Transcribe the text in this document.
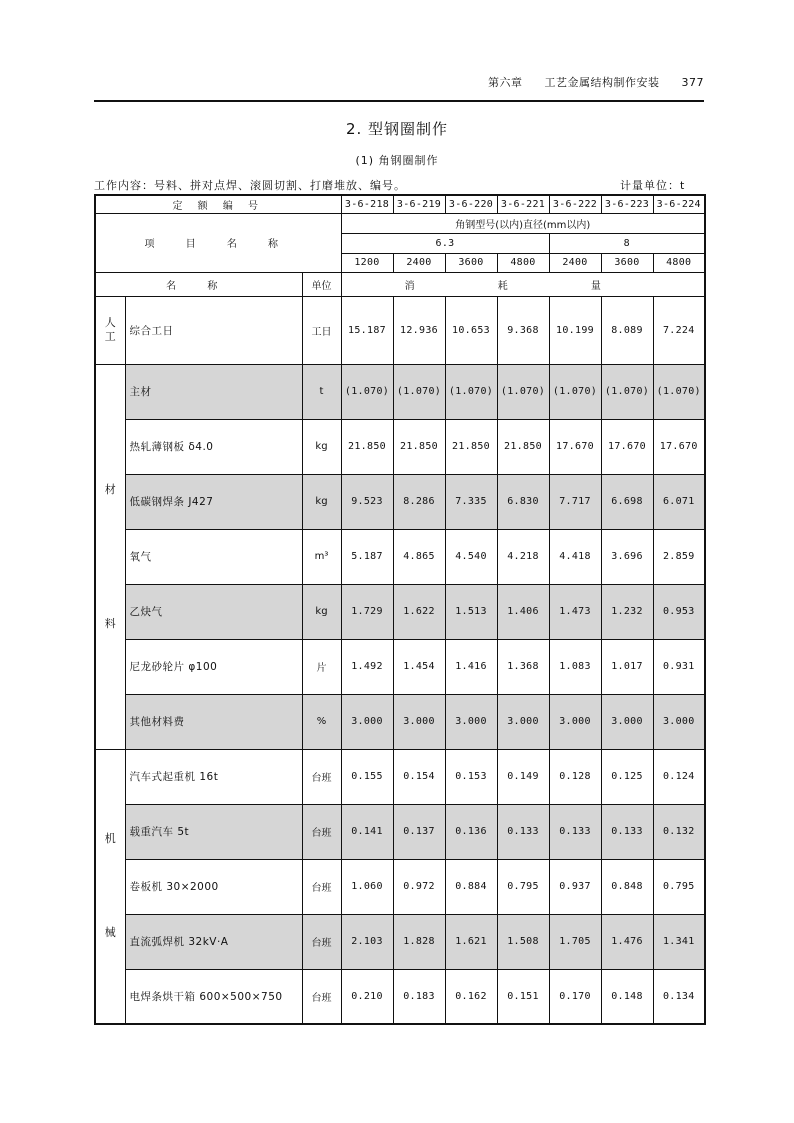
第六章 工艺金属结构制作安装 377
2. 型钢圈制作
(1) 角钢圈制作
工作内容：号料、拼对点焊、滚圆切割、打磨堆放、编号。	计量单位：t
定 额 编 号			3-6-218	3-6-219	3-6-220	3-6-221	3-6-222	3-6-223	3-6-224
项 目 名 称			角钢型号(以内)直径(mm以内)						
			6.3				8		
			1200	2400	3600	4800	2400	3600	4800
名 称		单位	消 耗 量						

人
工	综合工日	工日	15.187	12.936	10.653	9.368	10.199	8.089	7.224

材
料	主材	t	(1.070)	(1.070)	(1.070)	(1.070)	(1.070)	(1.070)	(1.070)
	热轧薄钢板 δ4.0	kg	21.850	21.850	21.850	21.850	17.670	17.670	17.670
	低碳钢焊条 J427	kg	9.523	8.286	7.335	6.830	7.717	6.698	6.071
	氧气	m³	5.187	4.865	4.540	4.218	4.418	3.696	2.859
	乙炔气	kg	1.729	1.622	1.513	1.406	1.473	1.232	0.953
	尼龙砂轮片 φ100	片	1.492	1.454	1.416	1.368	1.083	1.017	0.931
	其他材料费	%	3.000	3.000	3.000	3.000	3.000	3.000	3.000

机
械	汽车式起重机 16t	台班	0.155	0.154	0.153	0.149	0.128	0.125	0.124
	载重汽车 5t	台班	0.141	0.137	0.136	0.133	0.133	0.133	0.132
	卷板机 30×2000	台班	1.060	0.972	0.884	0.795	0.937	0.848	0.795
	直流弧焊机 32kV·A	台班	2.103	1.828	1.621	1.508	1.705	1.476	1.341
	电焊条烘干箱 600×500×750	台班	0.210	0.183	0.162	0.151	0.170	0.148	0.134
